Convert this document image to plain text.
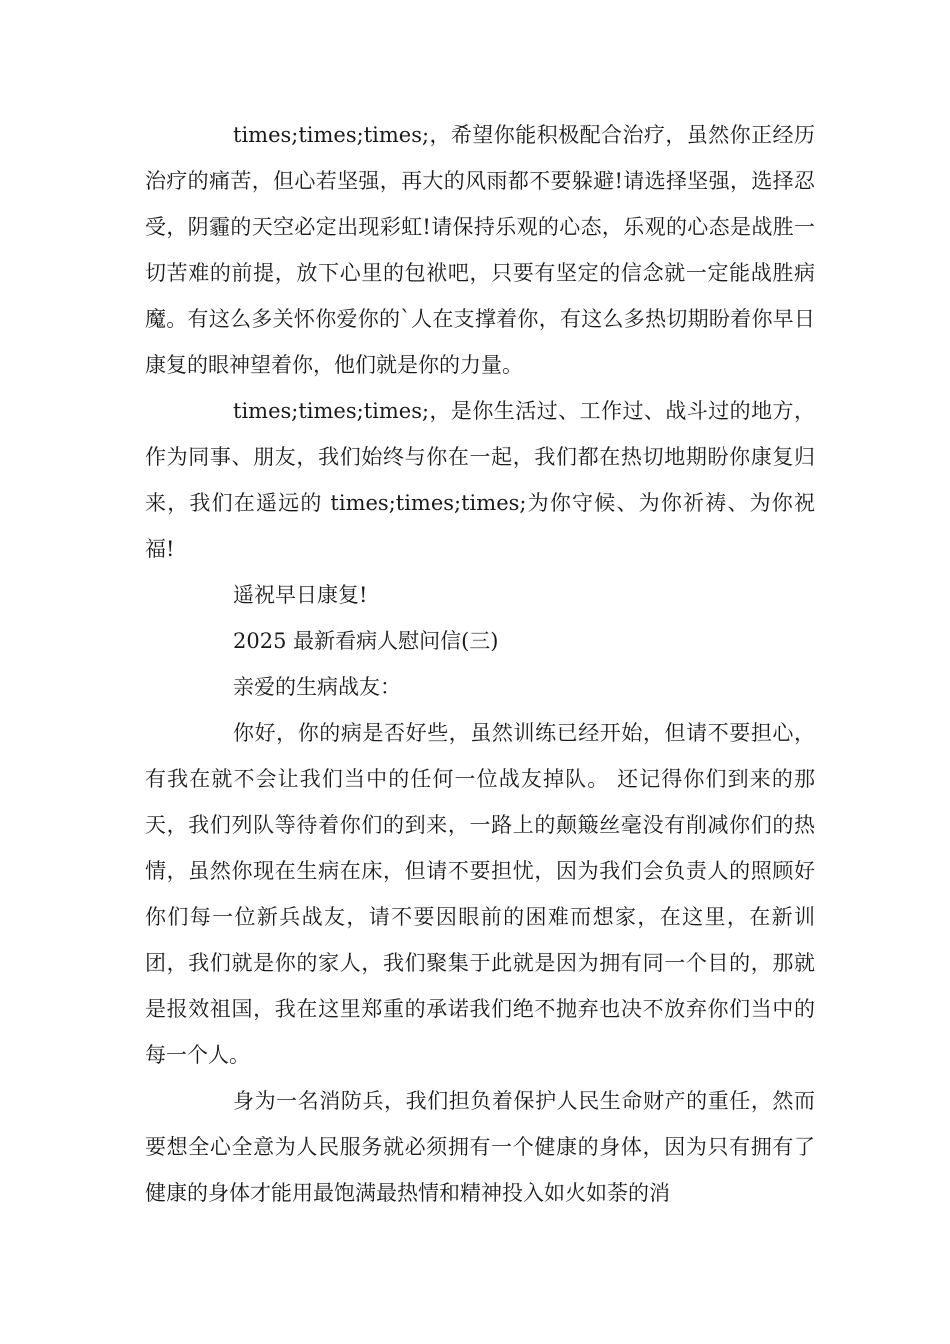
times;times;times;，希望你能积极配合治疗，虽然你正经历治疗的痛苦，但心若坚强，再大的风雨都不要躲避!请选择坚强，选择忍受，阴霾的天空必定出现彩虹!请保持乐观的心态，乐观的心态是战胜一切苦难的前提，放下心里的包袱吧，只要有坚定的信念就一定能战胜病魔。有这么多关怀你爱你的`人在支撑着你，有这么多热切期盼着你早日康复的眼神望着你，他们就是你的力量。

times;times;times;，是你生活过、工作过、战斗过的地方，作为同事、朋友，我们始终与你在一起，我们都在热切地期盼你康复归来，我们在遥远的 times;times;times;为你守候、为你祈祷、为你祝福!

遥祝早日康复!

2025 最新看病人慰问信(三)

亲爱的生病战友：

你好，你的病是否好些，虽然训练已经开始，但请不要担心，有我在就不会让我们当中的任何一位战友掉队。 还记得你们到来的那天，我们列队等待着你们的到来，一路上的颠簸丝毫没有削减你们的热情，虽然你现在生病在床，但请不要担忧，因为我们会负责人的照顾好你们每一位新兵战友，请不要因眼前的困难而想家，在这里，在新训团，我们就是你的家人，我们聚集于此就是因为拥有同一个目的，那就是报效祖国，我在这里郑重的承诺我们绝不抛弃也决不放弃你们当中的每一个人。

身为一名消防兵，我们担负着保护人民生命财产的重任，然而要想全心全意为人民服务就必须拥有一个健康的身体，因为只有拥有了健康的身体才能用最饱满最热情和精神投入如火如荼的消
